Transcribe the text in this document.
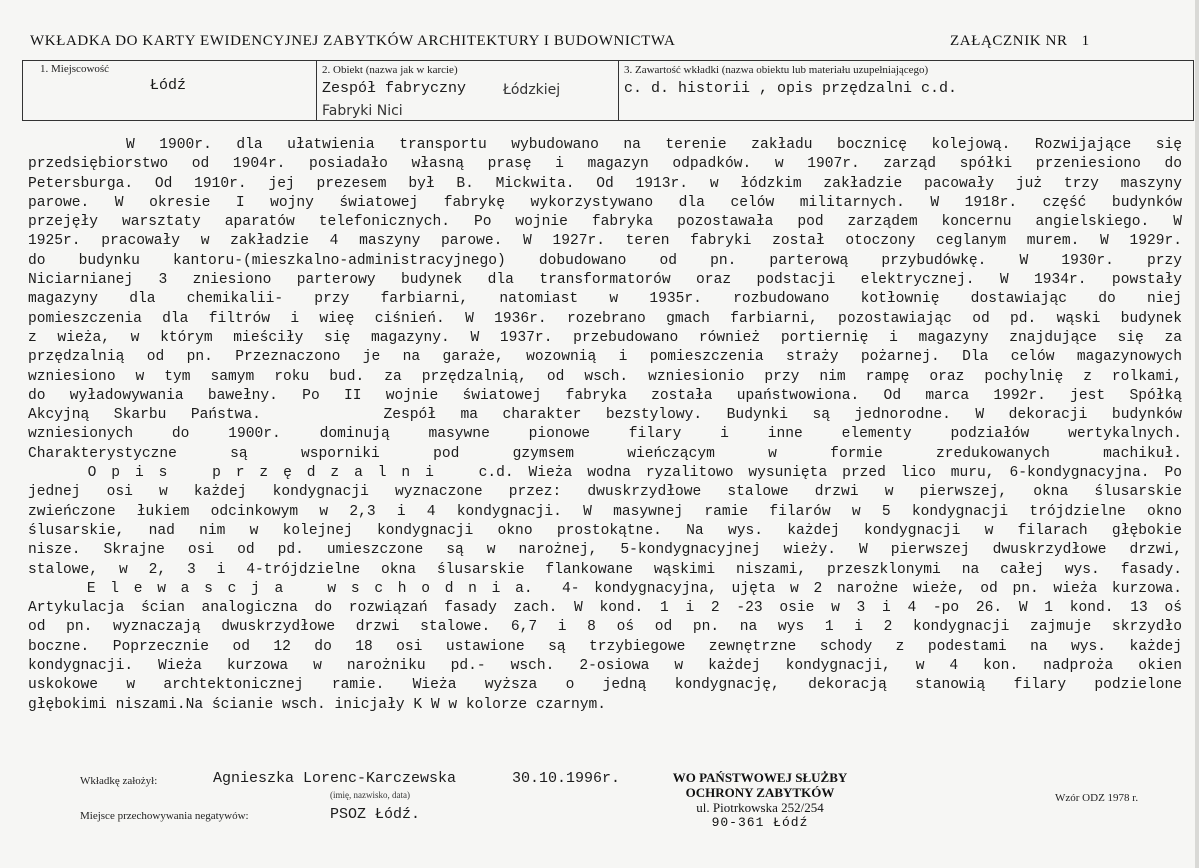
WKŁADKA DO KARTY EWIDENCYJNEJ ZABYTKÓW ARCHITEKTURY I BUDOWNICTWA	ZAŁĄCZNIK NR 1
1. Miejscowość
Łódź
2. Obiekt (nazwa jak w karcie)
Zespół fabryczny	Łódzkiej
Fabryki Nici
3. Zawartość wkładki (nazwa obiektu lub materiału uzupełniającego)
c. d. historii , opis przędzalni c.d.
W 1900r. dla ułatwienia transportu wybudowano na terenie zakładu bocznicę kolejową. Rozwijające się
przedsiębiorstwo od 1904r. posiadało własną prasę i magazyn odpadków. w 1907r. zarząd spółki przeniesiono do
Petersburga. Od 1910r. jej prezesem był B. Mickwita. Od 1913r. w łódzkim zakładzie pacowały już trzy maszyny
parowe. W okresie I wojny światowej fabrykę wykorzystywano dla celów militarnych. W 1918r. część budynków
przejęły warsztaty aparatów telefonicznych. Po wojnie fabryka pozostawała pod zarządem koncernu angielskiego. W
1925r. pracowały w zakładzie 4 maszyny parowe. W 1927r. teren fabryki został otoczony ceglanym murem. W 1929r.
do budynku kantoru-(mieszkalno-administracyjnego) dobudowano od pn. parterową przybudówkę. W 1930r. przy
Niciarnianej 3 zniesiono parterowy budynek dla transformatorów oraz podstacji elektrycznej. W 1934r. powstały
magazyny dla chemikalii- przy farbiarni, natomiast w 1935r. rozbudowano kotłownię dostawiając do niej
pomieszczenia dla filtrów i wieę ciśnień. W 1936r. rozebrano gmach farbiarni, pozostawiając od pd. wąski budynek
z wieża, w którym mieściły się magazyny. W 1937r. przebudowano również portiernię i magazyny znajdujące się za
przędzalnią od pn. Przeznaczono je na garaże, wozownią i pomieszczenia straży pożarnej. Dla celów magazynowych
wzniesiono w tym samym roku bud. za przędzalnią, od wsch. wzniesionio przy nim rampę oraz pochylnię z rolkami,
do wyładowywania bawełny. Po II wojnie światowej fabryka została upaństwowiona. Od marca 1992r. jest Spółką
Akcyjną Skarbu Państwa.     Zespół ma charakter bezstylowy. Budynki są jednorodne. W dekoracji budynków
wzniesionych do 1900r. dominują masywne pionowe filary i inne elementy podziałów wertykalnych.
Charakterystyczne są wsporniki pod gzymsem wieńczącym w formie zredukowanych machikuł.
O p i s   p r z ę d z a l n i   c.d. Wieża wodna ryzalitowo wysunięta przed lico muru, 6-kondygnacyjna. Po
jednej osi w każdej kondygnacji wyznaczone przez: dwuskrzydłowe stalowe drzwi w pierwszej, okna ślusarskie
zwieńczone łukiem odcinkowym w 2,3 i 4 kondygnacji. W masywnej ramie filarów w 5 kondygnacji trójdzielne okno
ślusarskie, nad nim w kolejnej kondygnacji okno prostokątne. Na wys. każdej kondygnacji w filarach głębokie
nisze. Skrajne osi od pd. umieszczone są w narożnej, 5-kondygnacyjnej wieży. W pierwszej dwuskrzydłowe drzwi,
stalowe, w 2, 3 i 4-trójdzielne okna ślusarskie flankowane wąskimi niszami, przeszklonymi na całej wys. fasady.
E l e w a s c j a   w s c h o d n i a.  4- kondygnacyjna, ujęta w 2 narożne wieże, od pn. wieża kurzowa.
Artykulacja ścian analogiczna do rozwiązań fasady zach. W kond. 1 i 2 -23 osie w 3 i 4 -po 26. W 1 kond. 13 oś
od pn. wyznaczają dwuskrzydłowe drzwi stalowe. 6,7 i 8 oś od pn. na wys 1 i 2 kondygnacji zajmuje skrzydło
boczne. Poprzecznie od 12 do 18 osi ustawione są trzybiegowe zewnętrzne schody z podestami na wys. każdej
kondygnacji. Wieża kurzowa w narożniku pd.- wsch. 2-osiowa w każdej kondygnacji, w 4 kon. nadproża okien
uskokowe w archtektonicznej ramie. Wieża wyższa o jedną kondygnację, dekoracją stanowią filary podzielone
głębokimi niszami.Na ścianie wsch. inicjały K W w kolorze czarnym.
Wkładkę założył:	Agnieszka Lorenc-Karczewska	30.10.1996r.
(imię, nazwisko, data)
Miejsce przechowywania negatywów:	PSOZ Łódź.
WO PAŃSTWOWEJ SŁUŻBY
OCHRONY ZABYTKÓW
ul. Piotrkowska 252/254
90-361 Łódź
Wzór ODZ 1978 r.
